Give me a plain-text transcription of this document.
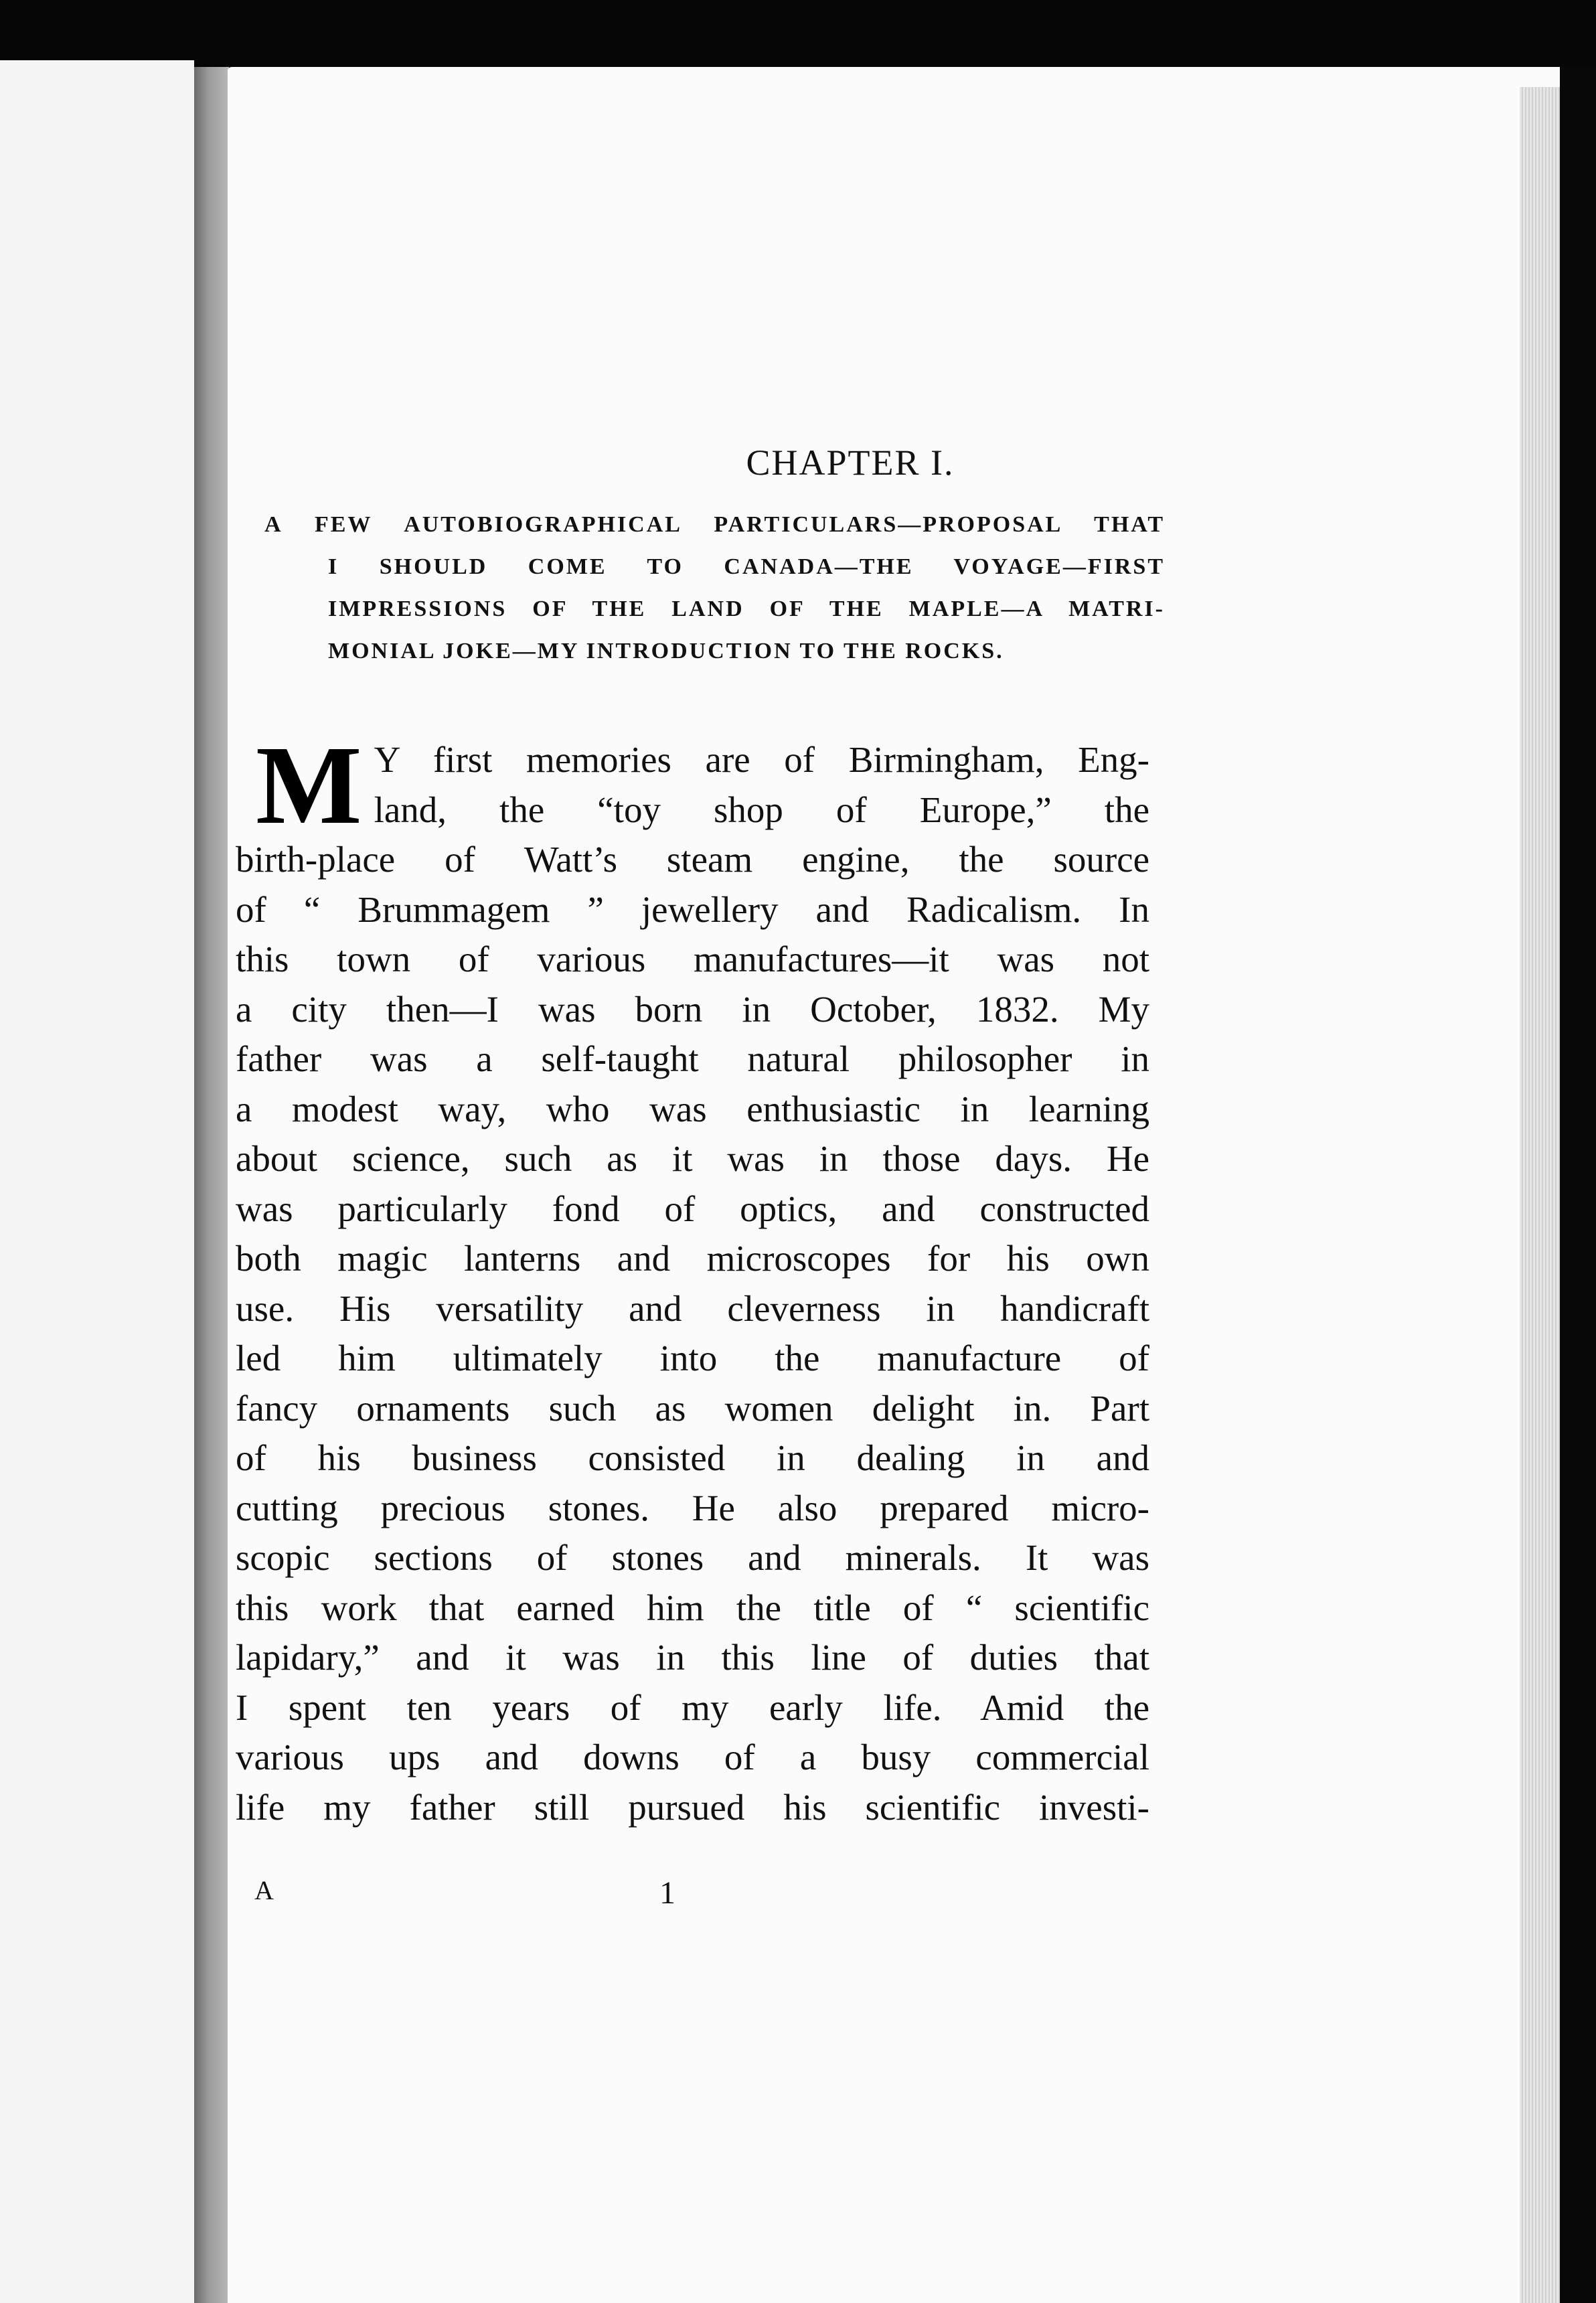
CHAPTER I.
A FEW AUTOBIOGRAPHICAL PARTICULARS—PROPOSAL THAT
I SHOULD COME TO CANADA—THE VOYAGE—FIRST
IMPRESSIONS OF THE LAND OF THE MAPLE—A MATRI-
MONIAL JOKE—MY INTRODUCTION TO THE ROCKS.
M Y first memories are of Birmingham, Eng-
land, the “toy shop of Europe,” the
birth-place of Watt’s steam engine, the source
of “ Brummagem ” jewellery and Radicalism. In
this town of various manufactures—it was not
a city then—I was born in October, 1832. My
father was a self-taught natural philosopher in
a modest way, who was enthusiastic in learning
about science, such as it was in those days. He
was particularly fond of optics, and constructed
both magic lanterns and microscopes for his own
use. His versatility and cleverness in handicraft
led him ultimately into the manufacture of
fancy ornaments such as women delight in. Part
of his business consisted in dealing in and
cutting precious stones. He also prepared micro-
scopic sections of stones and minerals. It was
this work that earned him the title of “ scientific
lapidary,” and it was in this line of duties that
I spent ten years of my early life. Amid the
various ups and downs of a busy commercial
life my father still pursued his scientific investi-
A	1
